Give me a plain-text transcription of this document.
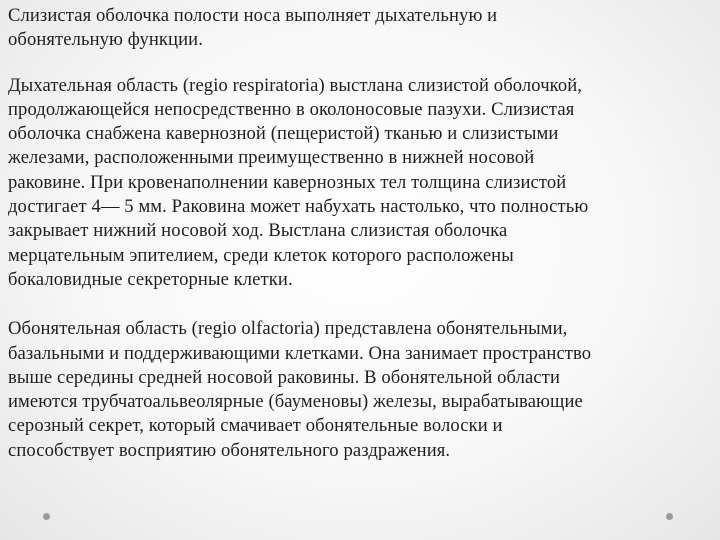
Слизистая оболочка полости носа выполняет дыхательную и
обонятельную функции.

Дыхательная область (regio respiratoria) выстлана слизистой оболочкой,
продолжающейся непосредственно в околоносовые пазухи. Слизистая
оболочка снабжена кавернозной (пещеристой) тканью и слизистыми
железами, расположенными преимущественно в нижней носовой
раковине. При кровенаполнении кавернозных тел толщина слизистой
достигает 4— 5 мм. Раковина может набухать настолько, что полностью
закрывает нижний носовой ход. Выстлана слизистая оболочка
мерцательным эпителием, среди клеток которого расположены
бокаловидные секреторные клетки.

Обонятельная область (regio olfactoria) представлена обонятельными,
базальными и поддерживающими клетками. Она занимает пространство
выше середины средней носовой раковины. В обонятельной области
имеются трубчатоальвеолярные (бауменовы) железы, вырабатывающие
серозный секрет, который смачивает обонятельные волоски и
способствует восприятию обонятельного раздражения.
